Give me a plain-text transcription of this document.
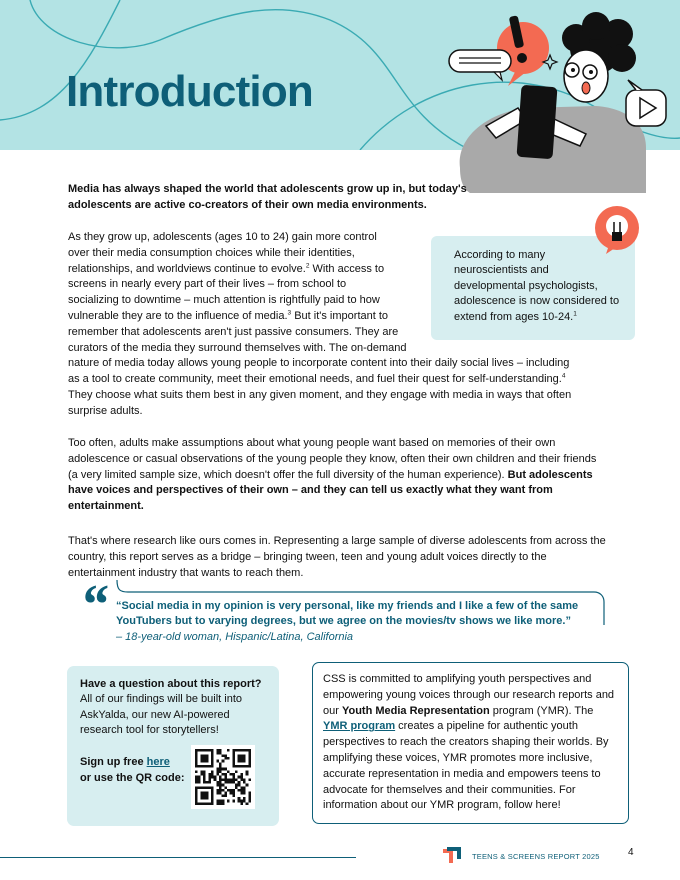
Introduction

Media has always shaped the world that adolescents grow up in, but today's adolescents are active co-creators of their own media environments.

As they grow up, adolescents (ages 10 to 24) gain more control
over their media consumption choices while their identities,
relationships, and worldviews continue to evolve.$^2$ With access to
screens in nearly every part of their lives – from school to
socializing to downtime – much attention is rightfully paid to how
vulnerable they are to the influence of media.$^3$ But it's important to
remember that adolescents aren't just passive consumers. They are
curators of the media they surround themselves with. The on-demand
nature of media today allows young people to incorporate content into their daily social lives – including
as a tool to create community, meet their emotional needs, and fuel their quest for self-understanding.$^4$
They choose what suits them best in any given moment, and they engage with media in ways that often
surprise adults.
According to many neuroscientists and developmental psychologists, adolescence is now considered to extend from ages 10-24.$^1$

Too often, adults make assumptions about what young people want based on memories of their own adolescence or casual observations of the young people they know, often their own children and their friends (a very limited sample size, which doesn't offer the full diversity of the human experience). But adolescents have voices and perspectives of their own – and they can tell us exactly what they want from entertainment.

That's where research like ours comes in. Representing a large sample of diverse adolescents from across the country, this report serves as a bridge – bringing tween, teen and young adult voices directly to the entertainment industry that wants to reach them.

“ “Social media in my opinion is very personal, like my friends and I like a few of the same YouTubers but to varying degrees, but we agree on the movies/tv shows we like more.”

– 18-year-old woman, Hispanic/Latina, California

Have a question about this report?

All of our findings will be built into AskYalda, our new AI-powered research tool for storytellers!

Sign up free here
or use the QR code:
CSS is committed to amplifying youth perspectives and empowering young voices through our research reports and our Youth Media Representation program (YMR). The YMR program creates a pipeline for authentic youth perspectives to reach the creators shaping their worlds. By amplifying these voices, YMR promotes more inclusive, accurate representation in media and empowers teens to advocate for themselves and their communities. For information about our YMR program, follow here!
TEENS & SCREENS REPORT 2025	4
